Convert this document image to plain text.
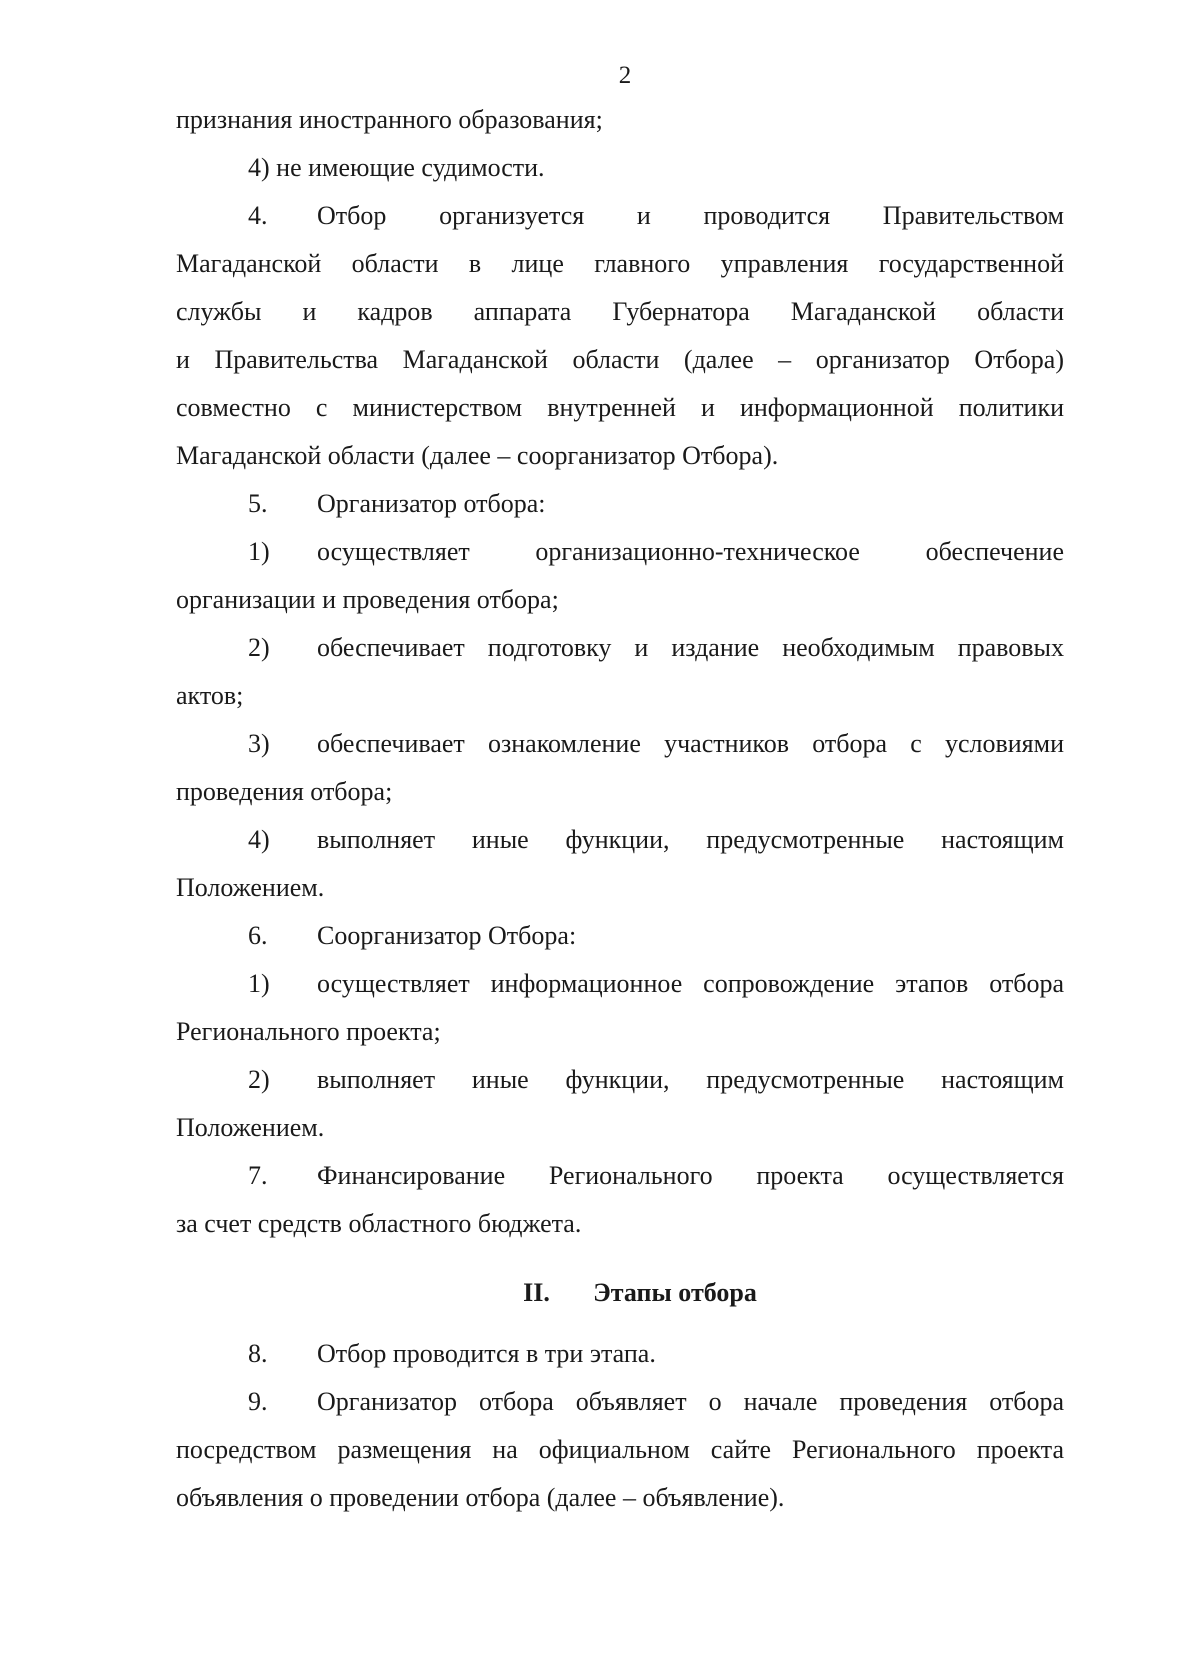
2
признания иностранного образования;
4) не имеющие судимости.
4.	Отбор организуется и проводится Правительством
Магаданской области в лице главного управления государственной
службы и кадров аппарата Губернатора Магаданской области
и Правительства Магаданской области (далее – организатор Отбора)
совместно с министерством внутренней и информационной политики
Магаданской области (далее – соорганизатор Отбора).
5.	Организатор отбора:
1)	осуществляет организационно-техническое обеспечение
организации и проведения отбора;
2)	обеспечивает подготовку и издание необходимым правовых
актов;
3)	обеспечивает ознакомление участников отбора с условиями
проведения отбора;
4)	выполняет иные функции, предусмотренные настоящим
Положением.
6.	Соорганизатор Отбора:
1)	осуществляет информационное сопровождение этапов отбора
Регионального проекта;
2)	выполняет иные функции, предусмотренные настоящим
Положением.
7.	Финансирование Регионального проекта осуществляется
за счет средств областного бюджета.
II.	Этапы отбора
8.	Отбор проводится в три этапа.
9.	Организатор отбора объявляет о начале проведения отбора
посредством размещения на официальном сайте Регионального проекта
объявления о проведении отбора (далее – объявление).
